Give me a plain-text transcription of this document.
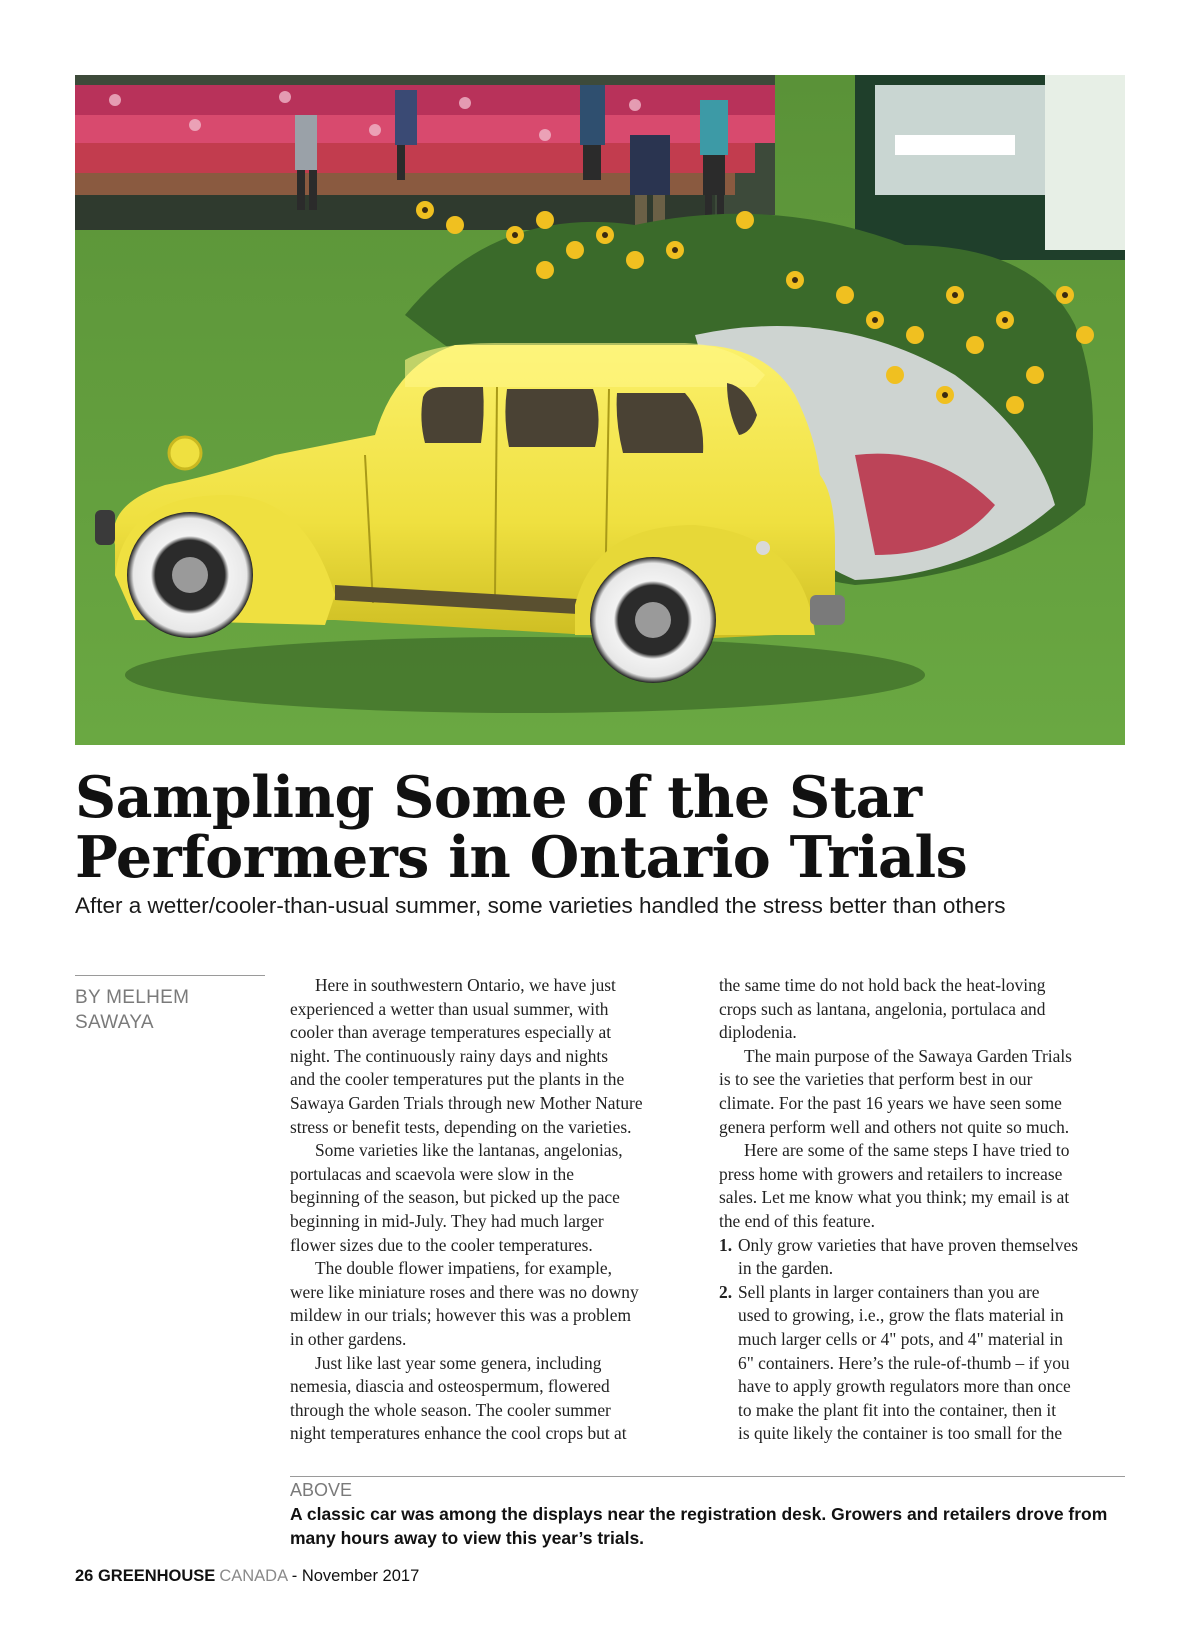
Sampling Some of the Star Performers in Ontario Trials

After a wetter/cooler-than-usual summer, some varieties handled the stress better than others

BY MELHEM SAWAYA

Here in southwestern Ontario, we have just

experienced a wetter than usual summer, with

cooler than average temperatures especially at

night. The continuously rainy days and nights

and the cooler temperatures put the plants in the

Sawaya Garden Trials through new Mother Nature

stress or benefit tests, depending on the varieties.

Some varieties like the lantanas, angelonias,

portulacas and scaevola were slow in the

beginning of the season, but picked up the pace

beginning in mid-July. They had much larger

flower sizes due to the cooler temperatures.

The double flower impatiens, for example,

were like miniature roses and there was no downy

mildew in our trials; however this was a problem

in other gardens.

Just like last year some genera, including

nemesia, diascia and osteospermum, flowered

through the whole season. The cooler summer

night temperatures enhance the cool crops but at

the same time do not hold back the heat-loving

crops such as lantana, angelonia, portulaca and

diplodenia.

The main purpose of the Sawaya Garden Trials

is to see the varieties that perform best in our

climate. For the past 16 years we have seen some

genera perform well and others not quite so much.

Here are some of the same steps I have tried to

press home with growers and retailers to increase

sales. Let me know what you think; my email is at

the end of this feature.

1. Only grow varieties that have proven themselves
in the garden.
2. Sell plants in larger containers than you are
used to growing, i.e., grow the flats material in
much larger cells or 4" pots, and 4" material in
6" containers. Here’s the rule-of-thumb – if you
have to apply growth regulators more than once
to make the plant fit into the container, then it
is quite likely the container is too small for the
ABOVE
A classic car was among the displays near the registration desk. Growers and retailers drove from many hours away to view this year’s trials.
26 GREENHOUSE CANADA - November 2017
